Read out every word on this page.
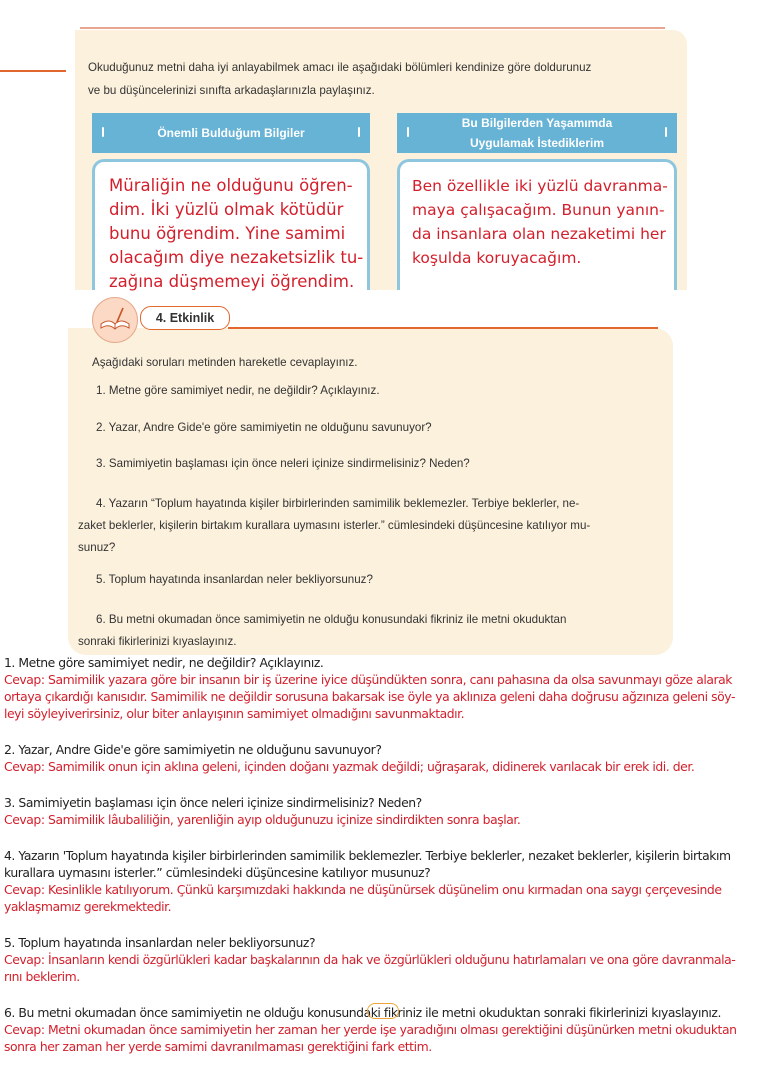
Okuduğunuz metni daha iyi anlayabilmek amacı ile aşağıdaki bölümleri kendinize göre doldurunuz
ve bu düşüncelerinizi sınıfta arkadaşlarınızla paylaşınız.
Önemli Bulduğum Bilgiler
Müraliğin ne olduğunu öğren-
dim. İki yüzlü olmak kötüdür
bunu öğrendim. Yine samimi
olacağım diye nezaketsizlik tu-
zağına düşmemeyi öğrendim.
Bu Bilgilerden Yaşamımda
Uygulamak İstediklerim
Ben özellikle iki yüzlü davranma-
maya çalışacağım. Bunun yanın-
da insanlara olan nezaketimi her
koşulda koruyacağım.
4. Etkinlik
Aşağıdaki soruları metinden hareketle cevaplayınız.
1. Metne göre samimiyet nedir, ne değildir? Açıklayınız.
2. Yazar, Andre Gide'e göre samimiyetin ne olduğunu savunuyor?
3. Samimiyetin başlaması için önce neleri içinize sindirmelisiniz? Neden?
4. Yazarın “Toplum hayatında kişiler birbirlerinden samimilik beklemezler. Terbiye beklerler, ne-
zaket beklerler, kişilerin birtakım kurallara uymasını isterler.” cümlesindeki düşüncesine katılıyor mu-
sunuz?
5. Toplum hayatında insanlardan neler bekliyorsunuz?
6. Bu metni okumadan önce samimiyetin ne olduğu konusundaki fikriniz ile metni okuduktan
sonraki fikirlerinizi kıyaslayınız.
1. Metne göre samimiyet nedir, ne değildir? Açıklayınız.
Cevap: Samimilik yazara göre bir insanın bir iş üzerine iyice düşündükten sonra, canı pahasına da olsa savunmayı göze alarak
ortaya çıkardığı kanısıdır. Samimilik ne değildir sorusuna bakarsak ise öyle ya aklınıza geleni daha doğrusu ağzınıza geleni söy-
leyi söyleyiverirsiniz, olur biter anlayışının samimiyet olmadığını savunmaktadır.
2. Yazar, Andre Gide'e göre samimiyetin ne olduğunu savunuyor?
Cevap: Samimilik onun için aklına geleni, içinden doğanı yazmak değildi; uğraşarak, didinerek varılacak bir erek idi. der.
3. Samimiyetin başlaması için önce neleri içinize sindirmelisiniz? Neden?
Cevap: Samimilik lâubaliliğin, yarenliğin ayıp olduğunuzu içinize sindirdikten sonra başlar.
4. Yazarın 'Toplum hayatında kişiler birbirlerinden samimilik beklemezler. Terbiye beklerler, nezaket beklerler, kişilerin birtakım
kurallara uymasını isterler.” cümlesindeki düşüncesine katılıyor musunuz?
Cevap: Kesinlikle katılıyorum. Çünkü karşımızdaki hakkında ne düşünürsek düşünelim onu kırmadan ona saygı çerçevesinde
yaklaşmamız gerekmektedir.
5. Toplum hayatında insanlardan neler bekliyorsunuz?
Cevap: İnsanların kendi özgürlükleri kadar başkalarının da hak ve özgürlükleri olduğunu hatırlamaları ve ona göre davranmala-
rını beklerim.
6. Bu metni okumadan önce samimiyetin ne olduğu konusundaki fikriniz ile metni okuduktan sonraki fikirlerinizi kıyaslayınız.
Cevap: Metni okumadan önce samimiyetin her zaman her yerde işe yaradığını olması gerektiğini düşünürken metni okuduktan
sonra her zaman her yerde samimi davranılmaması gerektiğini fark ettim.
